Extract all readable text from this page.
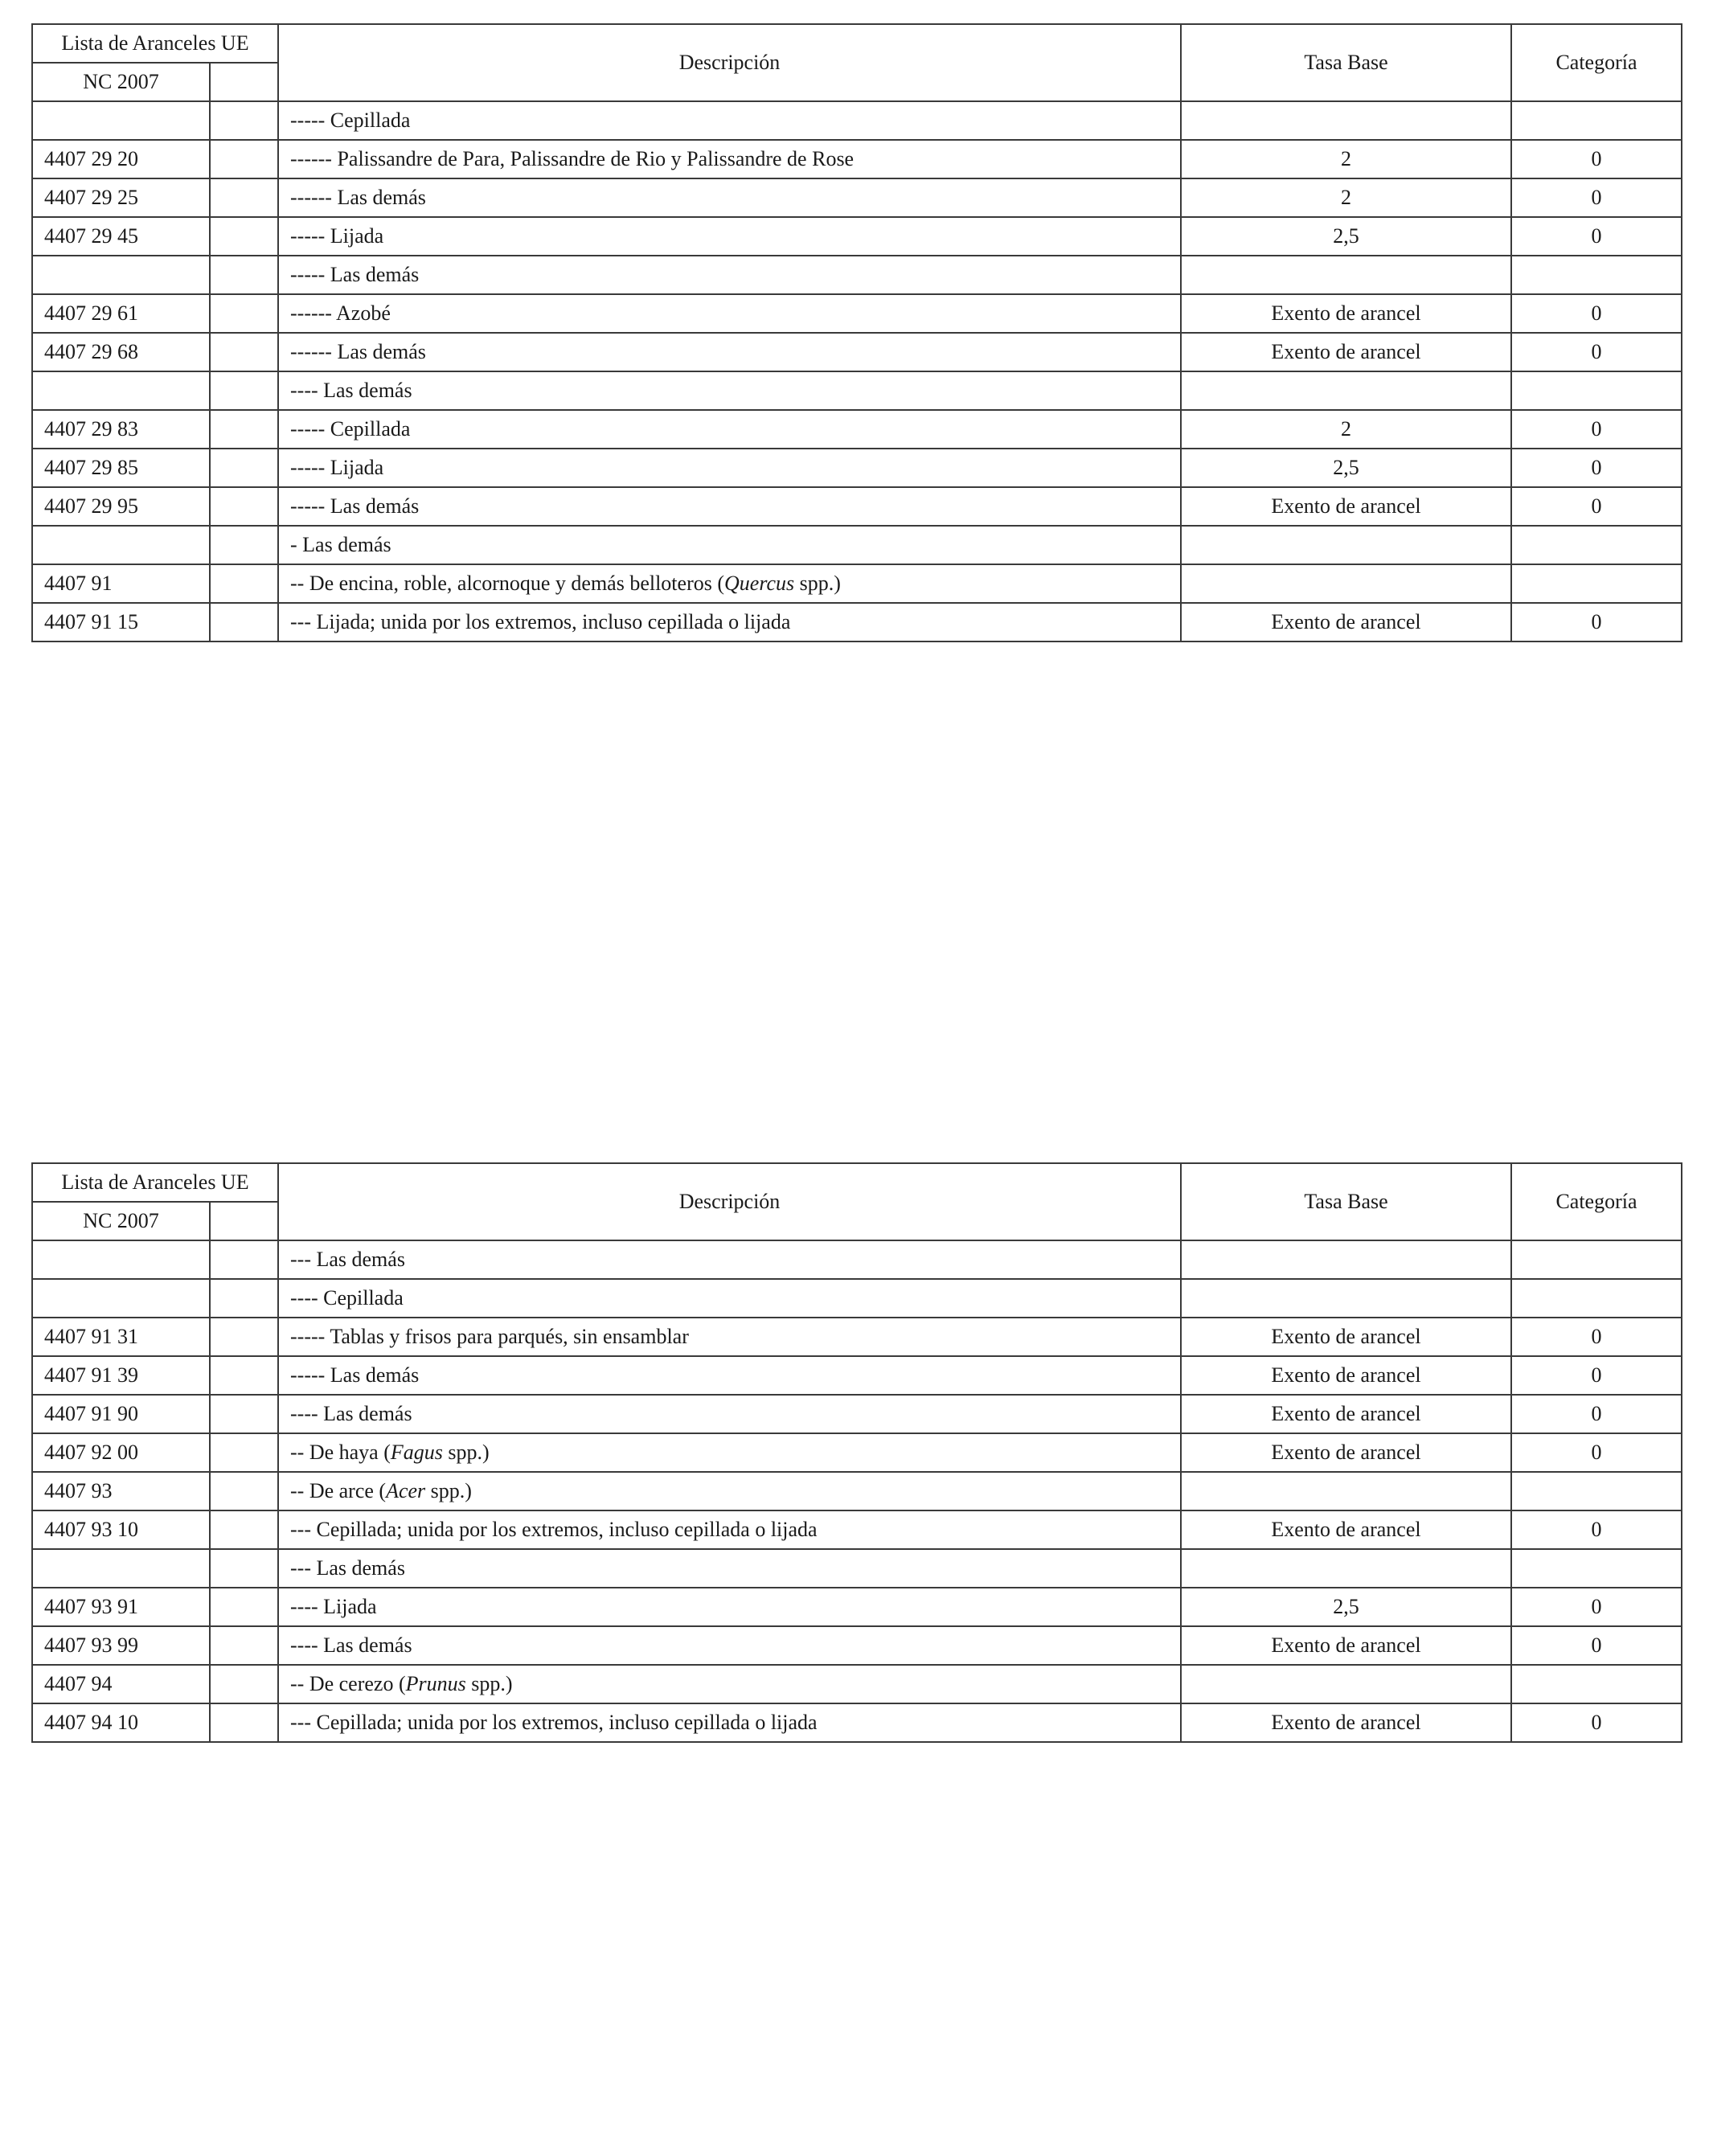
Lista de Aranceles UE		Descripción	Tasa Base	Categoría
NC 2007				
		----- Cepillada		
4407 29 20		------ Palissandre de Para, Palissandre de Rio y Palissandre de Rose	2	0
4407 29 25		------ Las demás	2	0
4407 29 45		----- Lijada	2,5	0
		----- Las demás		
4407 29 61		------ Azobé	Exento de arancel	0
4407 29 68		------ Las demás	Exento de arancel	0
		---- Las demás		
4407 29 83		----- Cepillada	2	0
4407 29 85		----- Lijada	2,5	0
4407 29 95		----- Las demás	Exento de arancel	0
		- Las demás		
4407 91		-- De encina, roble, alcornoque y demás belloteros (Quercus spp.)		
4407 91 15		--- Lijada; unida por los extremos, incluso cepillada o lijada	Exento de arancel	0
Lista de Aranceles UE		Descripción	Tasa Base	Categoría
NC 2007				
		--- Las demás		
		---- Cepillada		
4407 91 31		----- Tablas y frisos para parqués, sin ensamblar	Exento de arancel	0
4407 91 39		----- Las demás	Exento de arancel	0
4407 91 90		---- Las demás	Exento de arancel	0
4407 92 00		-- De haya (Fagus spp.)	Exento de arancel	0
4407 93		-- De arce (Acer spp.)		
4407 93 10		--- Cepillada; unida por los extremos, incluso cepillada o lijada	Exento de arancel	0
		--- Las demás		
4407 93 91		---- Lijada	2,5	0
4407 93 99		---- Las demás	Exento de arancel	0
4407 94		-- De cerezo (Prunus spp.)		
4407 94 10		--- Cepillada; unida por los extremos, incluso cepillada o lijada	Exento de arancel	0
